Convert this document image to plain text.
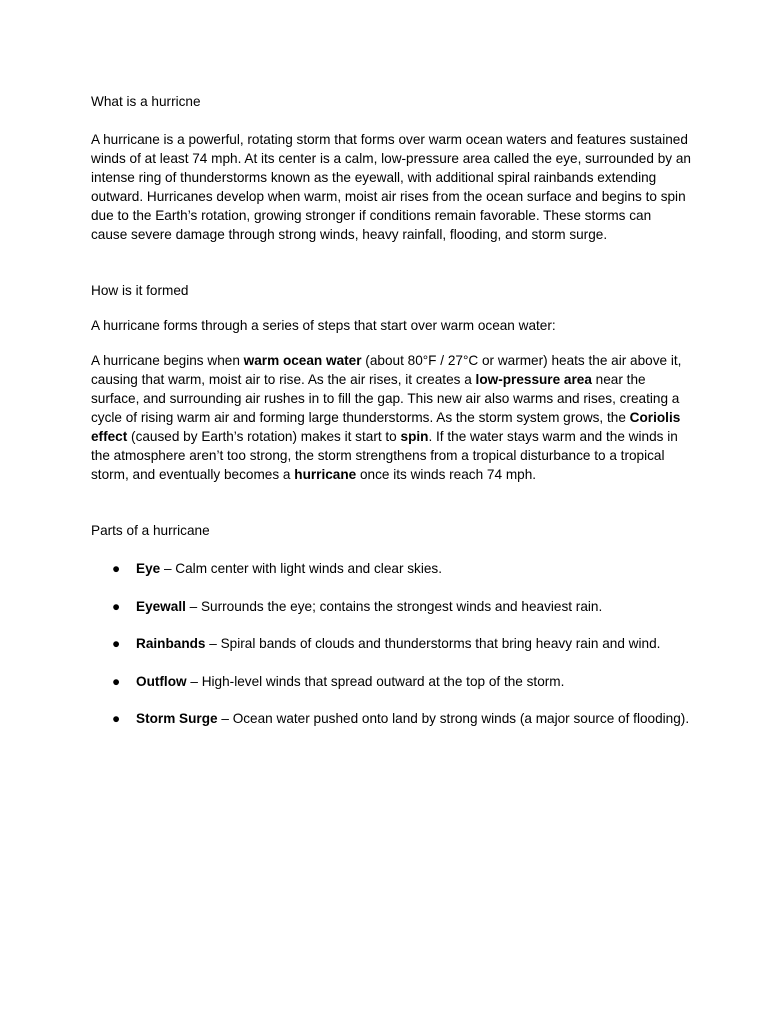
What is a hurricne

A hurricane is a powerful, rotating storm that forms over warm ocean waters and features sustained winds of at least 74 mph. At its center is a calm, low-pressure area called the eye, surrounded by an intense ring of thunderstorms known as the eyewall, with additional spiral rainbands extending outward. Hurricanes develop when warm, moist air rises from the ocean surface and begins to spin due to the Earth’s rotation, growing stronger if conditions remain favorable. These storms can cause severe damage through strong winds, heavy rainfall, flooding, and storm surge.

How is it formed

A hurricane forms through a series of steps that start over warm ocean water:

A hurricane begins when warm ocean water (about 80°F / 27°C or warmer) heats the air above it, causing that warm, moist air to rise. As the air rises, it creates a low-pressure area near the surface, and surrounding air rushes in to fill the gap. This new air also warms and rises, creating a cycle of rising warm air and forming large thunderstorms. As the storm system grows, the Coriolis effect (caused by Earth’s rotation) makes it start to spin. If the water stays warm and the winds in the atmosphere aren’t too strong, the storm strengthens from a tropical disturbance to a tropical storm, and eventually becomes a hurricane once its winds reach 74 mph.

Parts of a hurricane

● Eye – Calm center with light winds and clear skies.
● Eyewall – Surrounds the eye; contains the strongest winds and heaviest rain.
● Rainbands – Spiral bands of clouds and thunderstorms that bring heavy rain and wind.
● Outflow – High-level winds that spread outward at the top of the storm.
● Storm Surge – Ocean water pushed onto land by strong winds (a major source of flooding).
